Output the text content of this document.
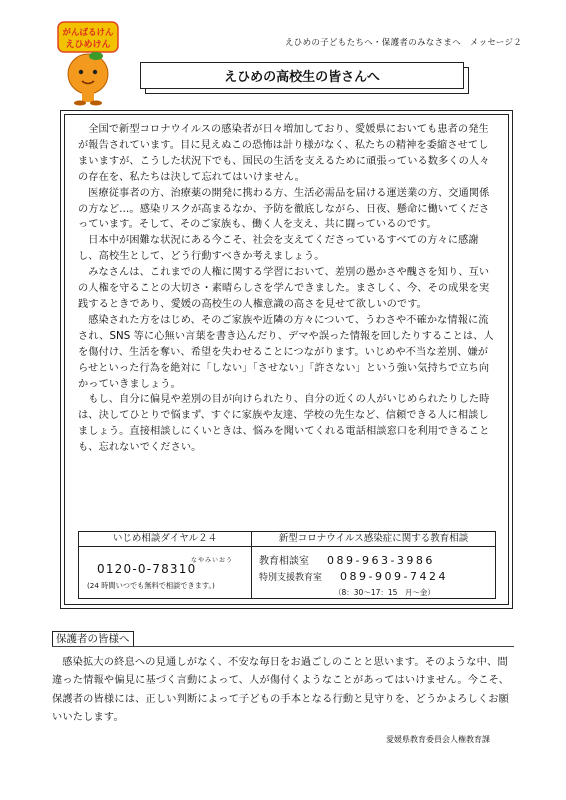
えひめの子どもたちへ・保護者のみなさまへ　メッセージ２
がんばるけん
えひめけん
えひめの高校生の皆さんへ

全国で新型コロナウイルスの感染者が日々増加しており、愛媛県においても患者の発生が報告されています。目に見えぬこの恐怖は計り様がなく、私たちの精神を委縮させてしまいますが、こうした状況下でも、国民の生活を支えるために頑張っている数多くの人々の存在を、私たちは決して忘れてはいけません。

医療従事者の方、治療薬の開発に携わる方、生活必需品を届ける運送業の方、交通関係の方など…。感染リスクが高まるなか、予防を徹底しながら、日夜、懸命に働いてくださっています。そして、そのご家族も、働く人を支え、共に闘っているのです。

日本中が困難な状況にある今こそ、社会を支えてくださっているすべての方々に感謝し、高校生として、どう行動すべきか考えましょう。

みなさんは、これまでの人権に関する学習において、差別の愚かさや醜さを知り、互いの人権を守ることの大切さ・素晴らしさを学んできました。まさしく、今、その成果を実践するときであり、愛媛の高校生の人権意識の高さを見せて欲しいのです。

感染された方をはじめ、そのご家族や近隣の方々について、うわさや不確かな情報に流され、SNS 等に心無い言葉を書き込んだり、デマや誤った情報を回したりすることは、人を傷付け、生活を奪い、希望を失わせることにつながります。いじめや不当な差別、嫌がらせといった行為を絶対に「しない」「させない」「許さない」という強い気持ちで立ち向かっていきましょう。

もし、自分に偏見や差別の目が向けられたり、自分の近くの人がいじめられたりした時は、決してひとりで悩まず、すぐに家族や友達、学校の先生など、信頼できる人に相談しましょう。直接相談しにくいときは、悩みを聞いてくれる電話相談窓口を利用できることも、忘れないでください。

いじめ相談ダイヤル２４
なやみいおう
0120-0-78310
(24 時間いつでも無料で相談できます。)
新型コロナウイルス感染症に関する教育相談
教育相談室 089-963-3986
特別支援教育室 089-909-7424
（8：30～17：15　月～金）
保護者の皆様へ

感染拡大の終息への見通しがなく、不安な毎日をお過ごしのことと思います。そのような中、間違った情報や偏見に基づく言動によって、人が傷付くようなことがあってはいけません。今こそ、保護者の皆様には、正しい判断によって子どもの手本となる行動と見守りを、どうかよろしくお願いいたします。

愛媛県教育委員会人権教育課
